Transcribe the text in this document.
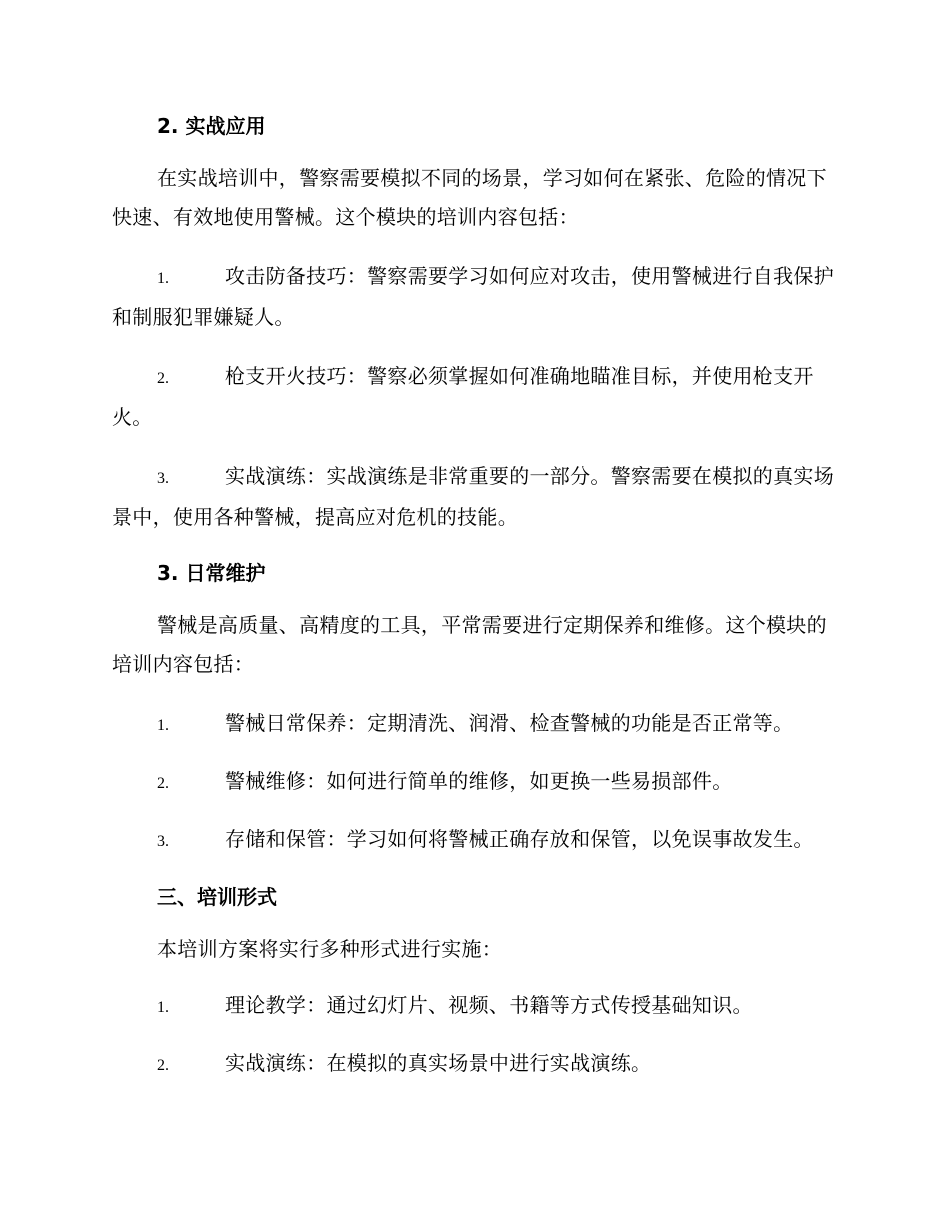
2. 实战应用

在实战培训中，警察需要模拟不同的场景，学习如何在紧张、危险的情况下快速、有效地使用警械。这个模块的培训内容包括：

1.	攻击防备技巧：警察需要学习如何应对攻击，使用警械进行自我保护和制服犯罪嫌疑人。

2.	枪支开火技巧：警察必须掌握如何准确地瞄准目标，并使用枪支开火。

3.	实战演练：实战演练是非常重要的一部分。警察需要在模拟的真实场景中，使用各种警械，提高应对危机的技能。

3. 日常维护

警械是高质量、高精度的工具，平常需要进行定期保养和维修。这个模块的培训内容包括：

1.	警械日常保养：定期清洗、润滑、检查警械的功能是否正常等。

2.	警械维修：如何进行简单的维修，如更换一些易损部件。

3.	存储和保管：学习如何将警械正确存放和保管，以免误事故发生。

三、培训形式

本培训方案将实行多种形式进行实施：

1.	理论教学：通过幻灯片、视频、书籍等方式传授基础知识。

2.	实战演练：在模拟的真实场景中进行实战演练。
